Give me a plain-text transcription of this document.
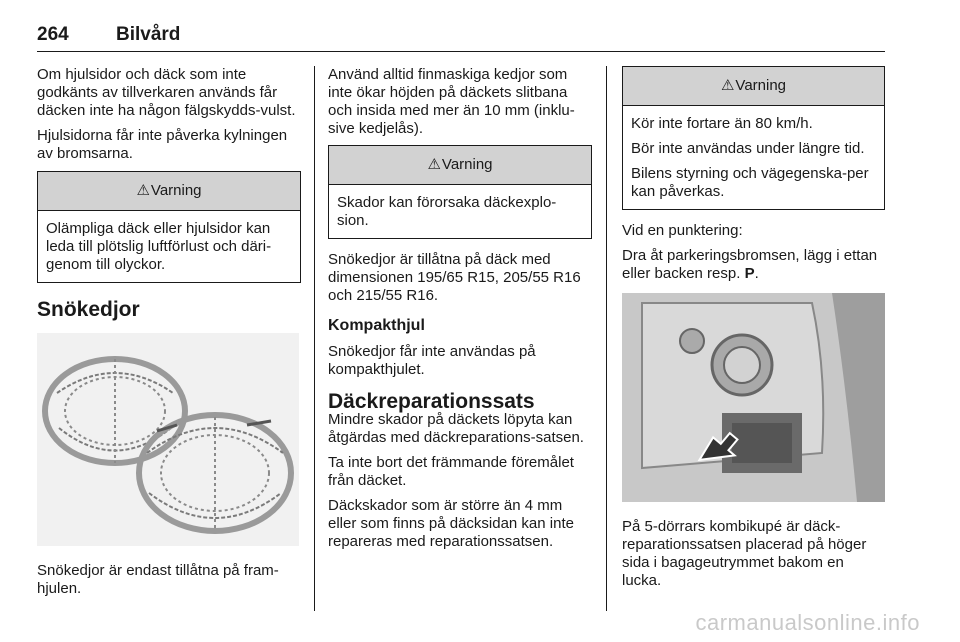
264 Bilvård

Om hjulsidor och däck som inte godkänts av tillverkaren används får däcken inte ha någon fälgskydds-vulst.

Hjulsidorna får inte påverka kylningen av bromsarna.

⚠ Varning

Olämpliga däck eller hjulsidor kan leda till plötslig luftförlust och däri-genom till olyckor.

Snökedjor

Snökedjor är endast tillåtna på fram-hjulen.

Använd alltid finmaskiga kedjor som inte ökar höjden på däckets slitbana och insida med mer än 10 mm (inklu-sive kedjelås).

⚠ Varning

Skador kan förorsaka däckexplo-sion.

Snökedjor är tillåtna på däck med dimensionen 195/65 R15, 205/55 R16 och 215/55 R16.

Kompakthjul

Snökedjor får inte användas på kompakthjulet.

Däckreparationssats

Mindre skador på däckets löpyta kan åtgärdas med däckreparations-satsen.

Ta inte bort det främmande föremålet från däcket.

Däckskador som är större än 4 mm eller som finns på däcksidan kan inte repareras med reparationssatsen.

⚠ Varning

Kör inte fortare än 80 km/h.

Bör inte användas under längre tid.

Bilens styrning och vägegenska-per kan påverkas.

Vid en punktering:

Dra åt parkeringsbromsen, lägg i ettan eller backen resp. P.

På 5-dörrars kombikupé är däck-reparationssatsen placerad på höger sida i bagageutrymmet bakom en lucka.

carmanualsonline.info
